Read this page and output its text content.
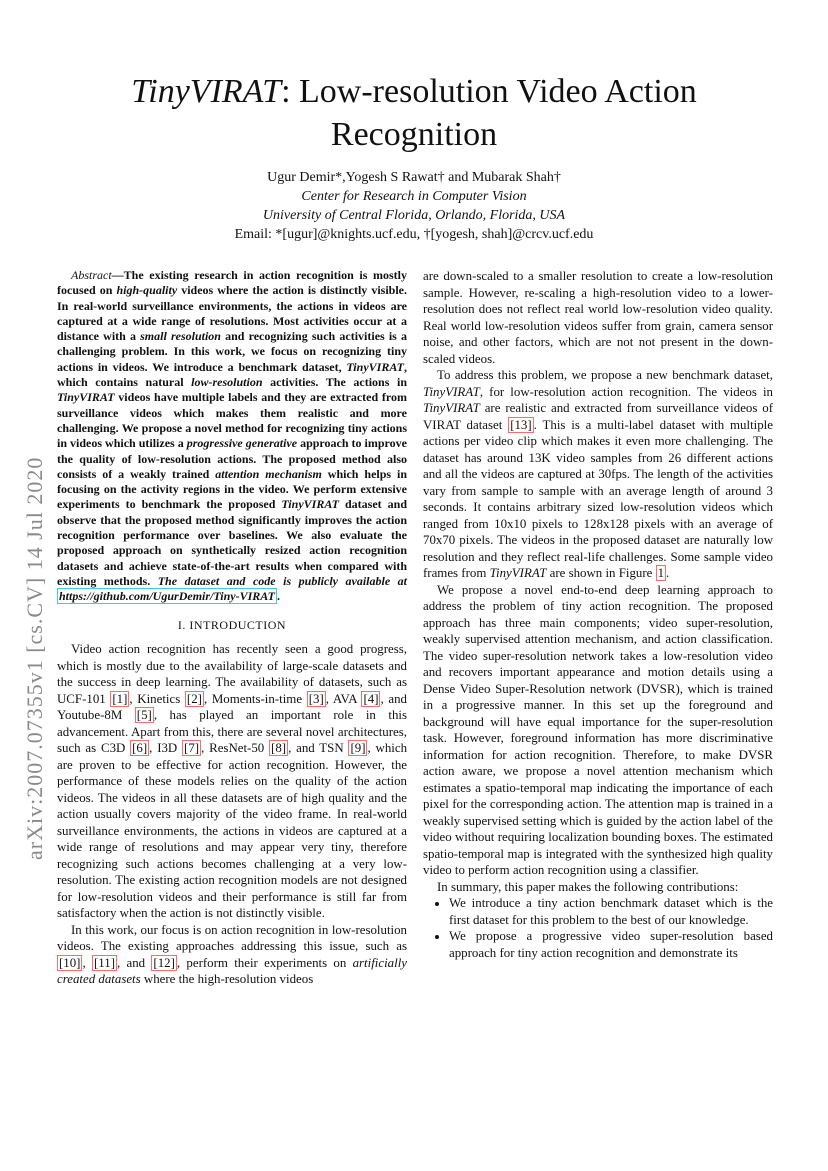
arXiv:2007.07355v1 [cs.CV] 14 Jul 2020
TinyVIRAT: Low-resolution Video Action
Recognition
Ugur Demir*,Yogesh S Rawat† and Mubarak Shah†
Center for Research in Computer Vision
University of Central Florida, Orlando, Florida, USA
Email: *[ugur]@knights.ucf.edu, †[yogesh, shah]@crcv.ucf.edu

Abstract—The existing research in action recognition is mostly focused on high-quality videos where the action is distinctly visible. In real-world surveillance environments, the actions in videos are captured at a wide range of resolutions. Most activities occur at a distance with a small resolution and recognizing such activities is a challenging problem. In this work, we focus on recognizing tiny actions in videos. We introduce a benchmark dataset, TinyVIRAT, which contains natural low-resolution activities. The actions in TinyVIRAT videos have multiple labels and they are extracted from surveillance videos which makes them realistic and more challenging. We propose a novel method for recognizing tiny actions in videos which utilizes a progressive generative approach to improve the quality of low-resolution actions. The proposed method also consists of a weakly trained attention mechanism which helps in focusing on the activity regions in the video. We perform extensive experiments to benchmark the proposed TinyVIRAT dataset and observe that the proposed method significantly improves the action recognition performance over baselines. We also evaluate the proposed approach on synthetically resized action recognition datasets and achieve state-of-the-art results when compared with existing methods. The dataset and code is publicly available at https://github.com/UgurDemir/Tiny-VIRAT .

I. INTRODUCTION

Video action recognition has recently seen a good progress, which is mostly due to the availability of large-scale datasets and the success in deep learning. The availability of datasets, such as UCF-101 [1] , Kinetics [2] , Moments-in-time [3] , AVA [4] , and Youtube-8M [5] , has played an important role in this advancement. Apart from this, there are several novel architectures, such as C3D [6] , I3D [7] , ResNet-50 [8] , and TSN [9] , which are proven to be effective for action recognition. However, the performance of these models relies on the quality of the action videos. The videos in all these datasets are of high quality and the action usually covers majority of the video frame. In real-world surveillance environments, the actions in videos are captured at a wide range of resolutions and may appear very tiny, therefore recognizing such actions becomes challenging at a very low-resolution. The existing action recognition models are not designed for low-resolution videos and their performance is still far from satisfactory when the action is not distinctly visible.

In this work, our focus is on action recognition in low-resolution videos. The existing approaches addressing this issue, such as [10] , [11] , and [12] , perform their experiments on artificially created datasets where the high-resolution videos

are down-scaled to a smaller resolution to create a low-resolution sample. However, re-scaling a high-resolution video to a lower- resolution does not reflect real world low-resolution video quality. Real world low-resolution videos suffer from grain, camera sensor noise, and other factors, which are not not present in the down-scaled videos.

To address this problem, we propose a new benchmark dataset, TinyVIRAT, for low-resolution action recognition. The videos in TinyVIRAT are realistic and extracted from surveillance videos of VIRAT dataset [13] . This is a multi-label dataset with multiple actions per video clip which makes it even more challenging. The dataset has around 13K video samples from 26 different actions and all the videos are captured at 30fps. The length of the activities vary from sample to sample with an average length of around 3 seconds. It contains arbitrary sized low-resolution videos which ranged from 10x10 pixels to 128x128 pixels with an average of 70x70 pixels. The videos in the proposed dataset are naturally low resolution and they reflect real-life challenges. Some sample video frames from TinyVIRAT are shown in Figure 1 .

We propose a novel end-to-end deep learning approach to address the problem of tiny action recognition. The proposed approach has three main components; video super-resolution, weakly supervised attention mechanism, and action classification. The video super-resolution network takes a low-resolution video and recovers important appearance and motion details using a Dense Video Super-Resolution network (DVSR), which is trained in a progressive manner. In this set up the foreground and background will have equal importance for the super-resolution task. However, foreground information has more discriminative information for action recognition. Therefore, to make DVSR action aware, we propose a novel attention mechanism which estimates a spatio-temporal map indicating the importance of each pixel for the corresponding action. The attention map is trained in a weakly supervised setting which is guided by the action label of the video without requiring localization bounding boxes. The estimated spatio-temporal map is integrated with the synthesized high quality video to perform action recognition using a classifier.

In summary, this paper makes the following contributions:

• We introduce a tiny action benchmark dataset which is the first dataset for this problem to the best of our knowledge.
• We propose a progressive video super-resolution based approach for tiny action recognition and demonstrate its
